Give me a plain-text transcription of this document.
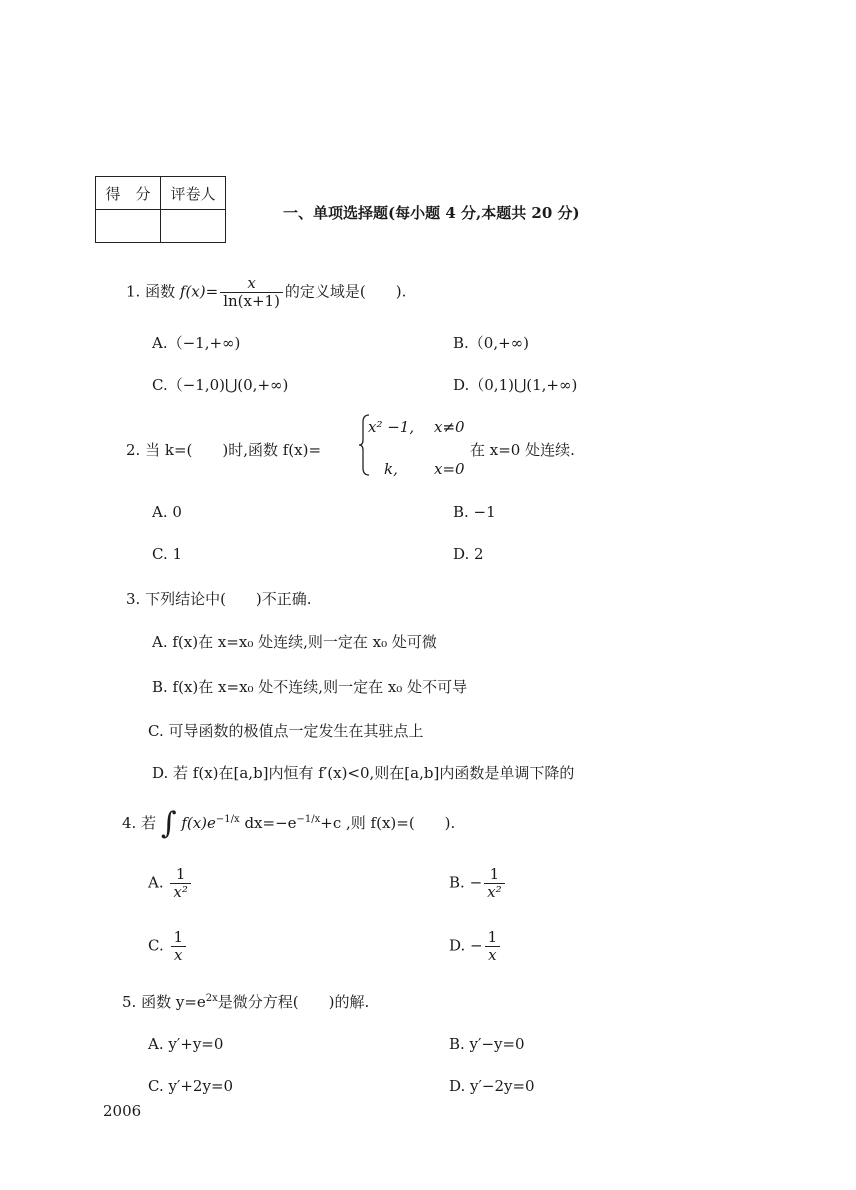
得　分	评卷人

一、单项选择题(每小题 4 分,本题共 20 分)
1. 函数 $f(x)= \frac{x}{\ln(x+1)}$ 的定义域是(　　).
A.（−1,+∞)	B.（0,+∞)
C.（−1,0)⋃(0,+∞)	D.（0,1)⋃(1,+∞)
2. 当 k=(　　)时,函数 f(x)=
x² −1, x≠0
k, x=0
在 x=0 处连续.
A. 0	B. −1
C. 1	D. 2
3. 下列结论中(　　)不正确.
A. f(x)在 x=x₀ 处连续,则一定在 x₀ 处可微
B. f(x)在 x=x₀ 处不连续,则一定在 x₀ 处不可导
C. 可导函数的极值点一定发生在其驻点上
D. 若 f(x)在[a,b]内恒有 f′(x)<0,则在[a,b]内函数是单调下降的
4. 若 ∫ $f(x)e^{-1/x}$ $dx=-e^{-1/x}+c$ ,则 f(x)=(　　).
A. $\frac{1}{\text{x²}}$	B. − $\frac{1}{\text{x²}}$
C. $\frac{1}{x}$	D. − $\frac{1}{x}$
5. 函数 $y=e^{2x}$是微分方程(　　)的解.
A. y′+y=0	B. y′−y=0
C. y′+2y=0	D. y′−2y=0
2006
